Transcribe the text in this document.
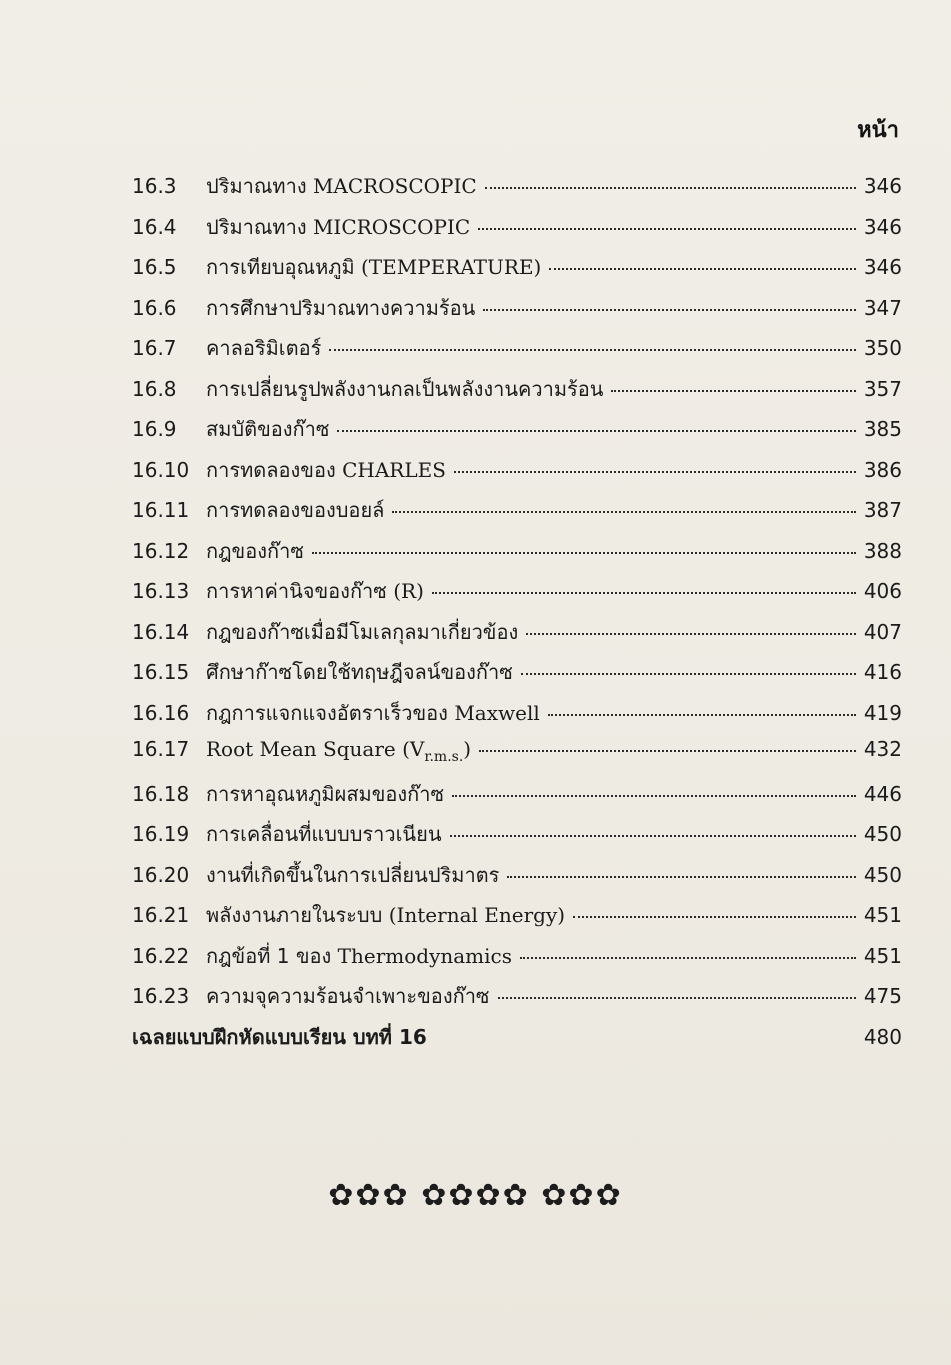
หน้า
16.3	ปริมาณทาง MACROSCOPIC	346
16.4	ปริมาณทาง MICROSCOPIC	346
16.5	การเทียบอุณหภูมิ (TEMPERATURE)	346
16.6	การศึกษาปริมาณทางความร้อน	347
16.7	คาลอริมิเตอร์	350
16.8	การเปลี่ยนรูปพลังงานกลเป็นพลังงานความร้อน	357
16.9	สมบัติของก๊าซ	385
16.10 การทดลองของ CHARLES	386
16.11 การทดลองของบอยล์	387
16.12 กฎของก๊าซ	388
16.13 การหาค่านิจของก๊าซ (R)	406
16.14 กฎของก๊าซเมื่อมีโมเลกุลมาเกี่ยวข้อง	407
16.15 ศึกษาก๊าซโดยใช้ทฤษฎีจลน์ของก๊าซ	416
16.16 กฎการแจกแจงอัตราเร็วของ Maxwell	419
16.17 Root Mean Square $(V_{r.m.s.})$	432
16.18 การหาอุณหภูมิผสมของก๊าซ	446
16.19 การเคลื่อนที่แบบบราวเนียน	450
16.20 งานที่เกิดขึ้นในการเปลี่ยนปริมาตร	450
16.21 พลังงานภายในระบบ (Internal Energy)	451
16.22 กฎข้อที่ 1 ของ Thermodynamics	451
16.23 ความจุความร้อนจำเพาะของก๊าซ	475
เฉลยแบบฝึกหัดแบบเรียน บทที่ 16	480
✿✿✿ ✿✿✿✿ ✿✿✿
